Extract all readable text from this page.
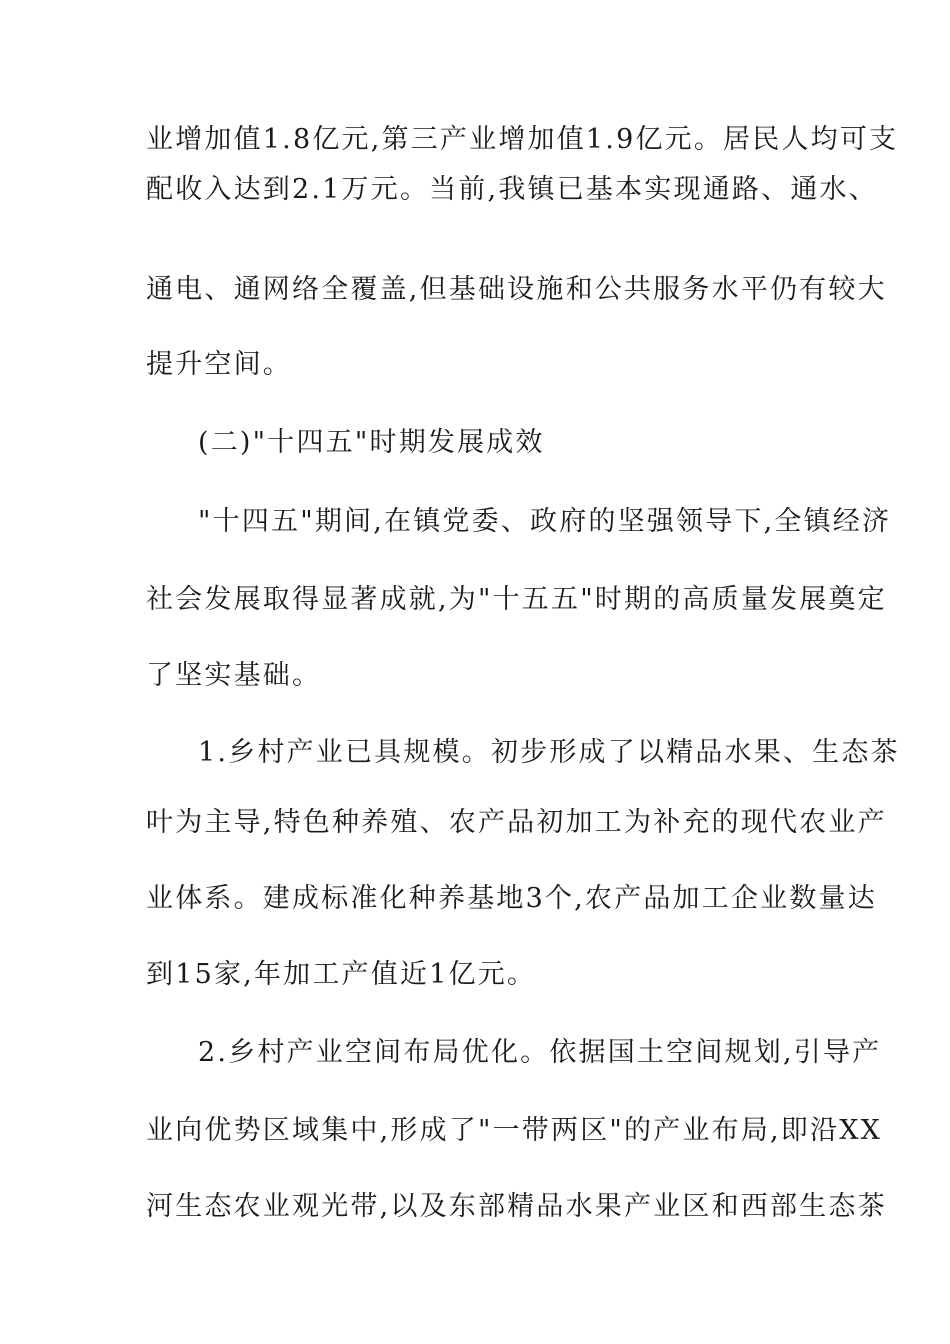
业增加值1.8亿元,第三产业增加值1.9亿元。居民人均可支

配收入达到2.1万元。当前,我镇已基本实现通路、通水、

通电、通网络全覆盖,但基础设施和公共服务水平仍有较大

提升空间。

(二)"十四五"时期发展成效

"十四五"期间,在镇党委、政府的坚强领导下,全镇经济

社会发展取得显著成就,为"十五五"时期的高质量发展奠定

了坚实基础。

1.乡村产业已具规模。初步形成了以精品水果、生态茶

叶为主导,特色种养殖、农产品初加工为补充的现代农业产

业体系。建成标准化种养基地3个,农产品加工企业数量达

到15家,年加工产值近1亿元。

2.乡村产业空间布局优化。依据国土空间规划,引导产

业向优势区域集中,形成了"一带两区"的产业布局,即沿XX

河生态农业观光带,以及东部精品水果产业区和西部生态茶
